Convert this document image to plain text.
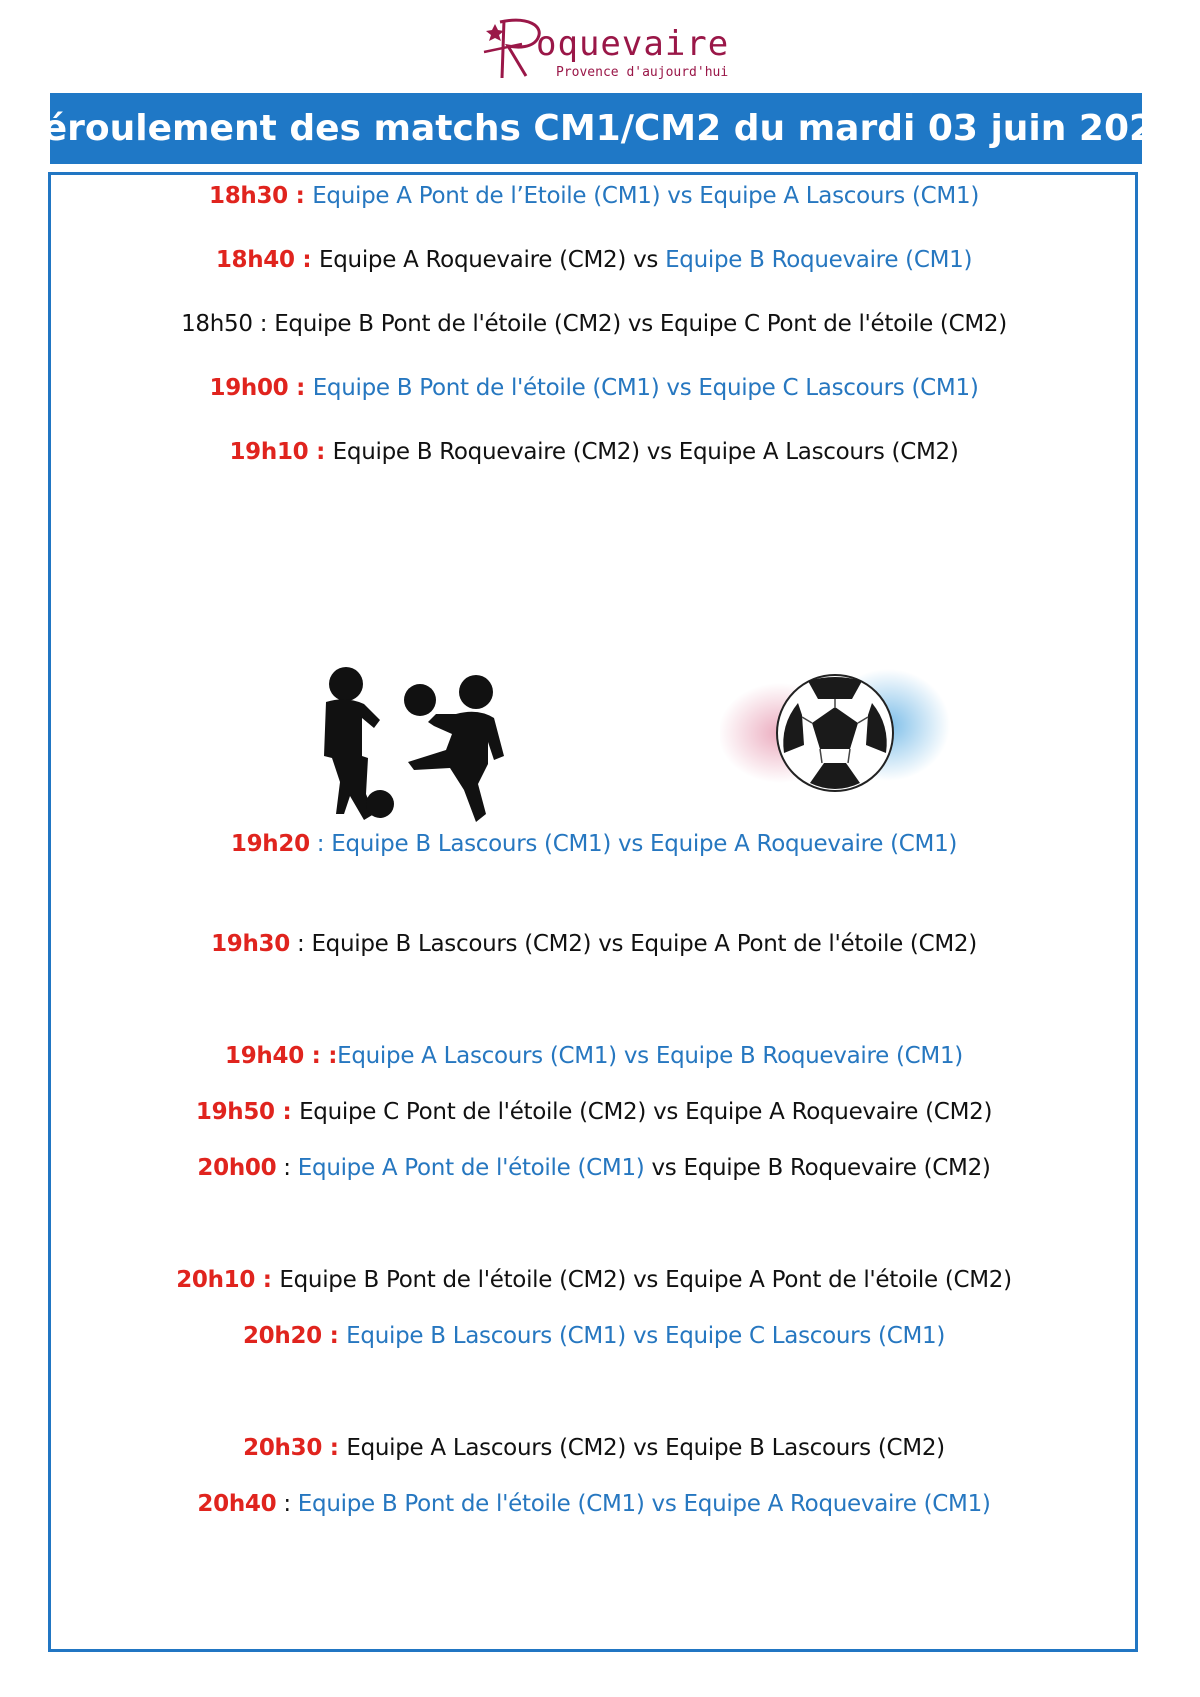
oquevaire
Provence d'aujourd'hui
Déroulement des matchs CM1/CM2 du mardi 03 juin 2025
18h30 : Equipe A Pont de l’Etoile (CM1) vs Equipe A Lascours (CM1)
18h40 : Equipe A Roquevaire (CM2) vs Equipe B Roquevaire (CM1)
18h50 : Equipe B Pont de l'étoile (CM2) vs Equipe C Pont de l'étoile (CM2)
19h00 : Equipe B Pont de l'étoile (CM1) vs Equipe C Lascours (CM1)
19h10 : Equipe B Roquevaire (CM2) vs Equipe A Lascours (CM2)
19h20 : Equipe B Lascours (CM1) vs Equipe A Roquevaire (CM1)
19h30 : Equipe B Lascours (CM2) vs Equipe A Pont de l'étoile (CM2)
19h40 : :Equipe A Lascours (CM1) vs Equipe B Roquevaire (CM1)
19h50 : Equipe C Pont de l'étoile (CM2) vs Equipe A Roquevaire (CM2)
20h00 : Equipe A Pont de l'étoile (CM1) vs Equipe B Roquevaire (CM2)
20h10 : Equipe B Pont de l'étoile (CM2) vs Equipe A Pont de l'étoile (CM2)
20h20 : Equipe B Lascours (CM1) vs Equipe C Lascours (CM1)
20h30 : Equipe A Lascours (CM2) vs Equipe B Lascours (CM2)
20h40 : Equipe B Pont de l'étoile (CM1) vs Equipe A Roquevaire (CM1)
